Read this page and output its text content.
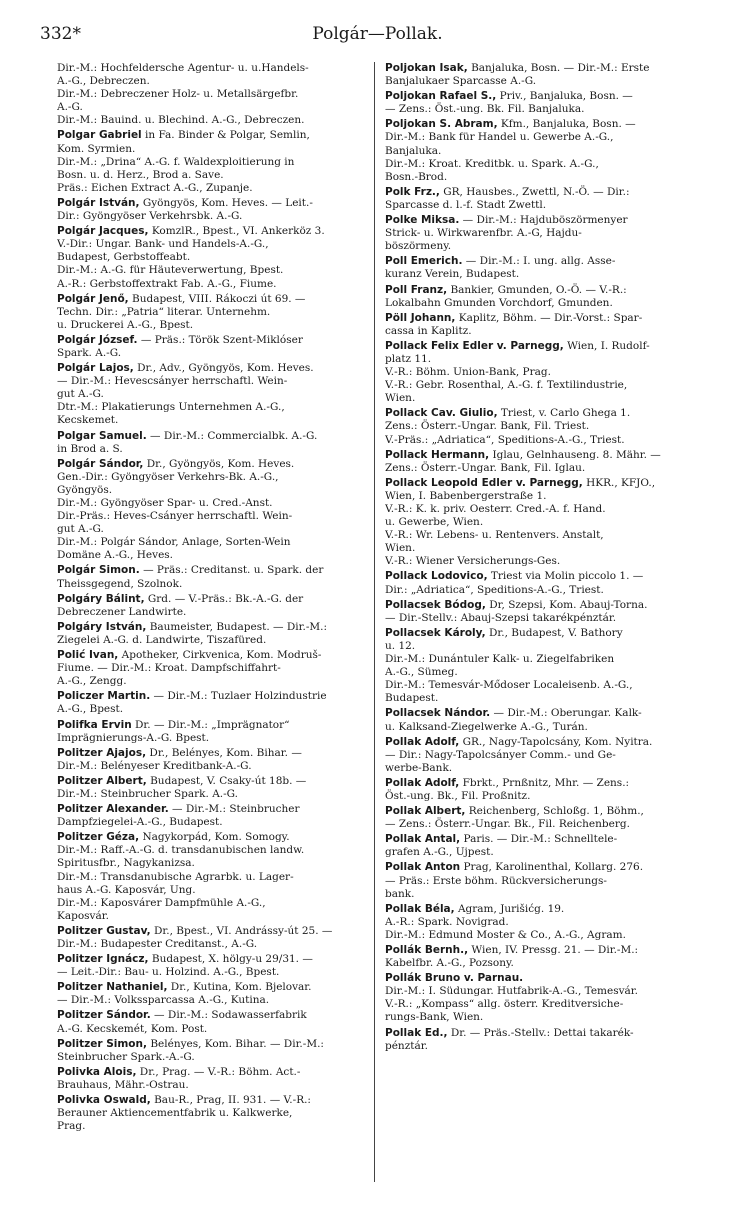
332*	Polgár—Pollak.
Dir.-M.: Hochfeldersche Agentur- u. u.Handels-
A.-G., Debreczen.
Dir.-M.: Debreczener Holz- u. Metallsärgefbr.
A.-G.
Dir.-M.: Bauind. u. Blechind. A.-G., Debreczen.
Polgar Gabriel in Fa. Binder & Polgar, Semlin,
Kom. Syrmien.
Dir.-M.: „Drina“ A.-G. f. Waldexploitierung in
Bosn. u. d. Herz., Brod a. Save.
Präs.: Eichen Extract A.-G., Zupanje.
Polgár István, Gyöngyös, Kom. Heves. — Leit.-
Dir.: Gyöngyöser Verkehrsbk. A.-G.
Polgár Jacques, KomzlR., Bpest., VI. Ankerköz 3.
V.-Dir.: Ungar. Bank- und Handels-A.-G.,
Budapest, Gerbstoffeabt.
Dir.-M.: A.-G. für Häuteverwertung, Bpest.
A.-R.: Gerbstoffextrakt Fab. A.-G., Fiume.
Polgár Jenő, Budapest, VIII. Rákoczi út 69. —
Techn. Dir.: „Patria“ literar. Unternehm.
u. Druckerei A.-G., Bpest.
Polgár József. — Präs.: Török Szent-Miklóser
Spark. A.-G.
Polgár Lajos, Dr., Adv., Gyöngyös, Kom. Heves.
— Dir.-M.: Hevescsányer herrschaftl. Wein-
gut A.-G.
Dtr.-M.: Plakatierungs Unternehmen A.-G.,
Kecskemet.
Polgar Samuel. — Dir.-M.: Commercialbk. A.-G.
in Brod a. S.
Polgár Sándor, Dr., Gyöngyös, Kom. Heves.
Gen.-Dir.: Gyöngyöser Verkehrs-Bk. A.-G.,
Gyöngyös.
Dir.-M.: Gyöngyöser Spar- u. Cred.-Anst.
Dir.-Präs.: Heves-Csányer herrschaftl. Wein-
gut A.-G.
Dir.-M.: Polgár Sándor, Anlage, Sorten-Wein
Domäne A.-G., Heves.
Polgár Simon. — Präs.: Creditanst. u. Spark. der
Theissgegend, Szolnok.
Polgáry Bálint, Grd. — V.-Präs.: Bk.-A.-G. der
Debreczener Landwirte.
Polgáry István, Baumeister, Budapest. — Dir.-M.:
Ziegelei A.-G. d. Landwirte, Tiszafüred.
Polić Ivan, Apotheker, Cirkvenica, Kom. Modruš-
Fiume. — Dir.-M.: Kroat. Dampfschiffahrt-
A.-G., Zengg.
Policzer Martin. — Dir.-M.: Tuzlaer Holzindustrie
A.-G., Bpest.
Polifka Ervin Dr. — Dir.-M.: „Imprägnator“
Imprägnierungs-A.-G. Bpest.
Politzer Ajajos, Dr., Belényes, Kom. Bihar. —
Dir.-M.: Belényeser Kreditbank-A.-G.
Politzer Albert, Budapest, V. Csaky-út 18b. —
Dir.-M.: Steinbrucher Spark. A.-G.
Politzer Alexander. — Dir.-M.: Steinbrucher
Dampfziegelei-A.-G., Budapest.
Politzer Géza, Nagykorpád, Kom. Somogy.
Dir.-M.: Raff.-A.-G. d. transdanubischen landw.
Spiritusfbr., Nagykanizsa.
Dir.-M.: Transdanubische Agrarbk. u. Lager-
haus A.-G. Kaposvár, Ung.
Dir.-M.: Kaposvárer Dampfmühle A.-G.,
Kaposvár.
Politzer Gustav, Dr., Bpest., VI. Andrássy-út 25. —
Dir.-M.: Budapester Creditanst., A.-G.
Politzer Ignácz, Budapest, X. hölgy-u 29/31. —
— Leit.-Dir.: Bau- u. Holzind. A.-G., Bpest.
Politzer Nathaniel, Dr., Kutina, Kom. Bjelovar.
— Dir.-M.: Volkssparcassa A.-G., Kutina.
Politzer Sándor. — Dir.-M.: Sodawasserfabrik
A.-G. Kecskemét, Kom. Post.
Politzer Simon, Belényes, Kom. Bihar. — Dir.-M.:
Steinbrucher Spark.-A.-G.
Polivka Alois, Dr., Prag. — V.-R.: Böhm. Act.-
Brauhaus, Mähr.-Ostrau.
Polivka Oswald, Bau-R., Prag, II. 931. — V.-R.:
Berauner Aktiencementfabrik u. Kalkwerke,
Prag.
Poljokan Isak, Banjaluka, Bosn. — Dir.-M.: Erste
Banjalukaer Sparcasse A.-G.
Poljokan Rafael S., Priv., Banjaluka, Bosn. —
— Zens.: Öst.-ung. Bk. Fil. Banjaluka.
Poljokan S. Abram, Kfm., Banjaluka, Bosn. —
Dir.-M.: Bank für Handel u. Gewerbe A.-G.,
Banjaluka.
Dir.-M.: Kroat. Kreditbk. u. Spark. A.-G.,
Bosn.-Brod.
Polk Frz., GR, Hausbes., Zwettl, N.-Ö. — Dir.:
Sparcasse d. l.-f. Stadt Zwettl.
Polke Miksa. — Dir.-M.: Hajduböszörmenyer
Strick- u. Wirkwarenfbr. A.-G, Hajdu-
böszörmeny.
Poll Emerich. — Dir.-M.: I. ung. allg. Asse-
kuranz Verein, Budapest.
Poll Franz, Bankier, Gmunden, O.-Ö. — V.-R.:
Lokalbahn Gmunden Vorchdorf, Gmunden.
Pöll Johann, Kaplitz, Böhm. — Dir.-Vorst.: Spar-
cassa in Kaplitz.
Pollack Felix Edler v. Parnegg, Wien, I. Rudolf-
platz 11.
V.-R.: Böhm. Union-Bank, Prag.
V.-R.: Gebr. Rosenthal, A.-G. f. Textilindustrie,
Wien.
Pollack Cav. Giulio, Triest, v. Carlo Ghega 1.
Zens.: Österr.-Ungar. Bank, Fil. Triest.
V.-Präs.: „Adriatica“, Speditions-A.-G., Triest.
Pollack Hermann, Iglau, Gelnhauseng. 8. Mähr. —
Zens.: Österr.-Ungar. Bank, Fil. Iglau.
Pollack Leopold Edler v. Parnegg, HKR., KFJO.,
Wien, I. Babenbergerstraße 1.
V.-R.: K. k. priv. Oesterr. Cred.-A. f. Hand.
u. Gewerbe, Wien.
V.-R.: Wr. Lebens- u. Rentenvers. Anstalt,
Wien.
V.-R.: Wiener Versicherungs-Ges.
Pollack Lodovico, Triest via Molin piccolo 1. —
Dir.: „Adriatica“, Speditions-A.-G., Triest.
Pollacsek Bódog, Dr, Szepsi, Kom. Abauj-Torna.
— Dir.-Stellv.: Abauj-Szepsi takarékpénztár.
Pollacsek Károly, Dr., Budapest, V. Bathory
u. 12.
Dir.-M.: Dunántuler Kalk- u. Ziegelfabriken
A.-G., Sümeg.
Dir.-M.: Temesvár-Mődoser Localeisenb. A.-G.,
Budapest.
Pollacsek Nándor. — Dir.-M.: Oberungar. Kalk-
u. Kalksand-Ziegelwerke A.-G., Turán.
Pollak Adolf, GR., Nagy-Tapolcsány, Kom. Nyitra.
— Dir.: Nagy-Tapolcsányer Comm.- und Ge-
werbe-Bank.
Pollak Adolf, Fbrkt., Prnßnitz, Mhr. — Zens.:
Öst.-ung. Bk., Fil. Proßnitz.
Pollak Albert, Reichenberg, Schloßg. 1, Böhm.,
— Zens.: Österr.-Ungar. Bk., Fil. Reichenberg.
Pollak Antal, Paris. — Dir.-M.: Schnelltele-
grafen A.-G., Ujpest.
Pollak Anton Prag, Karolinenthal, Kollarg. 276.
— Präs.: Erste böhm. Rückversicherungs-
bank.
Pollak Béla, Agram, Jurišićg. 19.
A.-R.: Spark. Novigrad.
Dir.-M.: Edmund Moster & Co., A.-G., Agram.
Pollák Bernh., Wien, IV. Pressg. 21. — Dir.-M.:
Kabelfbr. A.-G., Pozsony.
Pollák Bruno v. Parnau.
Dir.-M.: I. Südungar. Hutfabrik-A.-G., Temesvár.
V.-R.: „Kompass“ allg. österr. Kreditversiche-
rungs-Bank, Wien.
Pollak Ed., Dr. — Präs.-Stellv.: Dettai takarék-
pénztár.
